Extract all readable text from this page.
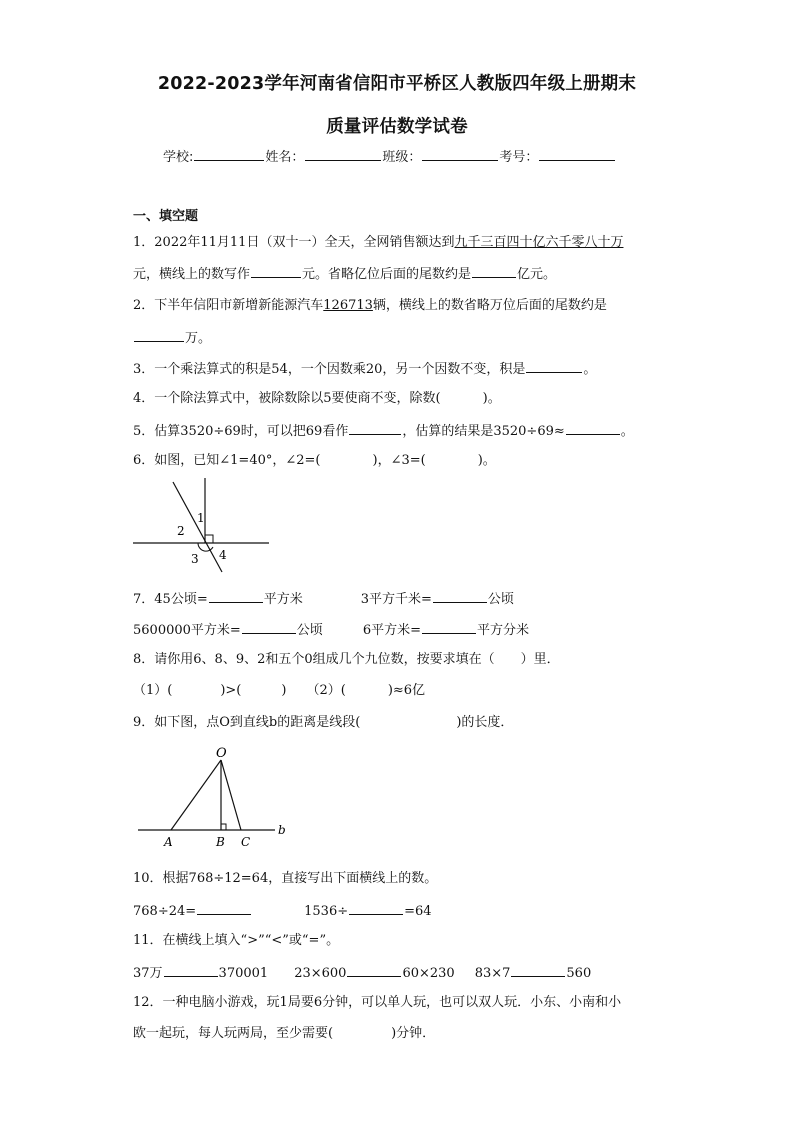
2022-2023学年河南省信阳市平桥区人教版四年级上册期末
质量评估数学试卷
学校:	姓名：	班级：	考号：
一、填空题
1．2022年11月11日（双十一）全天，全网销售额达到九千三百四十亿六千零八十万
元，横线上的数写作	元。省略亿位后面的尾数约是	亿元。
2．下半年信阳市新增新能源汽车126713辆，横线上的数省略万位后面的尾数约是
万。
3．一个乘法算式的积是54，一个因数乘20，另一个因数不变，积是	。
4．一个除法算式中，被除数除以5要使商不变，除数(	)。
5．估算3520÷69时，可以把69看作	，估算的结果是3520÷69≈	。
6．如图，已知∠1=40°，∠2=(	)，∠3=(	)。
1
2
3 4
7．45公顷=	平方米	3平方千米=	公顷
5600000平方米=	公顷	6平方米=	平方分米
8．请你用6、8、9、2和五个0组成几个九位数，按要求填在（　　）里．
（1）(	)>(	) （2）(	)≈6亿
9．如下图，点O到直线b的距离是线段(	)的长度．
O
A	B C
b
10．根据768÷12=64，直接写出下面横线上的数。
768÷24=	1536÷	=64
11．在横线上填入“>”“<”或“=”。
37万	370001 23×600	60×230 83×7	560
12．一种电脑小游戏，玩1局要6分钟，可以单人玩，也可以双人玩．小东、小南和小
欧一起玩，每人玩两局，至少需要(	)分钟．
